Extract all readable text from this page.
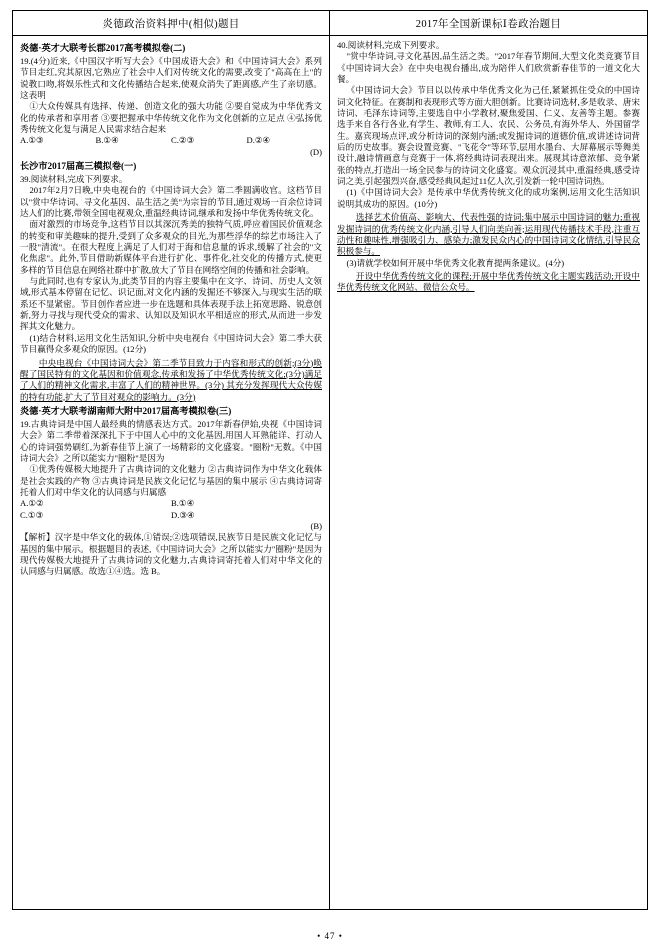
炎德政治资料押中(相似)题目
炎德·英才大联考长郡2017高考模拟卷(二)

19.(4分)近来,《中国汉字听写大会》《中国成语大会》和《中国诗词大会》系列节目走红,究其原因,它熟应了社会中人们对传统文化的需要,改变了"高高在上"的说教口吻,将娱乐性式和文化传播结合起来,使观众消失了距离感,产生了亲切感。这表明

①大众传媒具有选择、传递、创造文化的强大功能 ②要自觉成为中华优秀文化的传承者和享用者 ③要把握承中华传统文化作为文化创新的立足点 ④弘扬优秀传统文化复与满足人民需求结合起来

A.①③	B.①④	C.②③	D.②④
(D)
长沙市2017届高三模拟卷(一)

39.阅读材料,完成下列要求。

2017年2月7日晚,中央电视台的《中国诗词大会》第二季圆满收官。这档节目以"赏中华诗词、寻文化基因、品生活之美"为宗旨的节目,通过观场一百余位诗词达人们的比赛,带领全国电视观众,重温经典诗词,继承和发扬中华优秀传统文化。

面对激烈的市场竞争,这档节目以其深沉秀美的独特气质,呼应着国民价值观念的转变和审美趣味的提升,受到了众多观众的目光,为那些浮华的综艺市场注入了一股"清流"。在很大程度上满足了人们对于海和信息量的诉求,缓解了社会的"文化焦虑"。此外,节目借助新媒体平台进行扩化、事件化,社交化的传播方式,使更多样的节目信息在网络社群中扩散,放大了节目在网络空间的传播和社会影响。

与此同时,也有专家认为,此类节目的内容主要集中在文字、诗词、历史人文领域,形式基本停留在记忆、识记面,对文化内涵的发掘还不够深入,与现实生活的联系还不显紧密。节目创作者应进一步在选题和具体表现手法上拓宽思路、锐意创新,努力寻找与现代受众的需求、认知以及知识水平相适应的形式,从而进一步发挥其文化魅力。

(1)结合材料,运用文化生活知识,分析中央电视台《中国诗词大会》第二季大获节目赢得众多观众的原因。(12分)

中央电视台《中国诗词大会》第二季节目致力于内容和形式的创新;(3分)唤醒了国民特有的文化基因和价值观念,传承和发扬了中华优秀传统文化;(3分)满足了人们的精神文化需求,丰富了人们的精神世界。(3分) 其充分发挥现代大众传媒的特有功能,扩大了节目对观众的影响力。(3分)

炎德·英才大联考湖南师大附中2017届高考模拟卷(三)

19.古典诗词是中国人最经典的情感表达方式。2017年新春伊始,央视《中国诗词大会》第二季带着深深扎下于中国人心中的文化基因,用国人耳熟能详、打动人心的诗词强势刷红,为新春佳节上演了一场精彩的文化盛宴。"圈粉"无数。《中国诗词大会》之所以能实力"圈粉"是因为

①优秀传媒极大地提升了古典诗词的文化魅力 ②古典诗词作为中华文化载体是社会实践的产物 ③古典诗词是民族文化记忆与基因的集中展示 ④古典诗词寄托着人们对中华文化的认同感与归属感

A.①②	B.①④
C.①③	D.③④
(B)

【解析】汉字是中华文化的载体,①错误;②选项错误,民族节日是民族文化记忆与基因的集中展示。根据题目的表述,《中国诗词大会》之所以能实力"圈粉"是因为现代传媒极大地提升了古典诗词的文化魅力,古典诗词寄托着人们对中华文化的认同感与归属感。故选①④选。选 B。

2017年全国新课标Ⅰ卷政治题目

40.阅读材料,完成下列要求。

"赏中华诗词,寻文化基因,品生活之类。"2017年春节期间,大型文化类竞赛节目《中国诗词大会》在中央电视台播出,成为陪伴人们欣赏新春佳节的一道文化大餐。

《中国诗词大会》节目以以传承中华优秀文化为己任,紧紧抓住受众的中国诗词文化特征。在赛制和表现形式等方面大胆创新。比赛诗词选材,多是收录、唐宋诗词、毛泽东诗词等,主要选自中小学教材,聚焦爱国、仁义、友善等主题。参赛选手来自各行各业,有学生、教师,有工人、农民、公务员,有海外华人、外国留学生。嘉宾现场点评,或分析诗词的深刻内涵;或发掘诗词的道德价值,或讲述诗词背后的历史故事。赛会设置竞赛、"飞花令"等环节,层用水墨台、大屏幕展示等舞美设计,融诗情画意与竞赛于一体,将经典诗词表现出来。展现其诗意浓郁、竞争紧张的特点,打造出一场全民参与的诗词文化盛宴。观众沉浸其中,重温经典,感受诗词之美,引起强烈兴奋,感受经典风起过11亿人次,引发新一轮中国诗词热。

(1)《中国诗词大会》是传承中华优秀传统文化的成功案例,运用文化生活知识说明其成功的原因。(10分)

选择艺术价值高、影响大、代表性强的诗词;集中展示中国诗词的魅力;重视发掘诗词的优秀传统文化内涵,引导人们向美向善;运用现代传播技术手段,注重互动性和趣味性,增强吸引力、感染力;激发民众内心的中国诗词文化情结,引导民众积极参与。

(3)请就学校如何开展中华优秀文化教育提两条建议。(4分)

开设中华优秀传统文化的课程;开展中华优秀传统文化主题实践活动;开设中华优秀传统文化网站、微信公众号。

• 47 •
